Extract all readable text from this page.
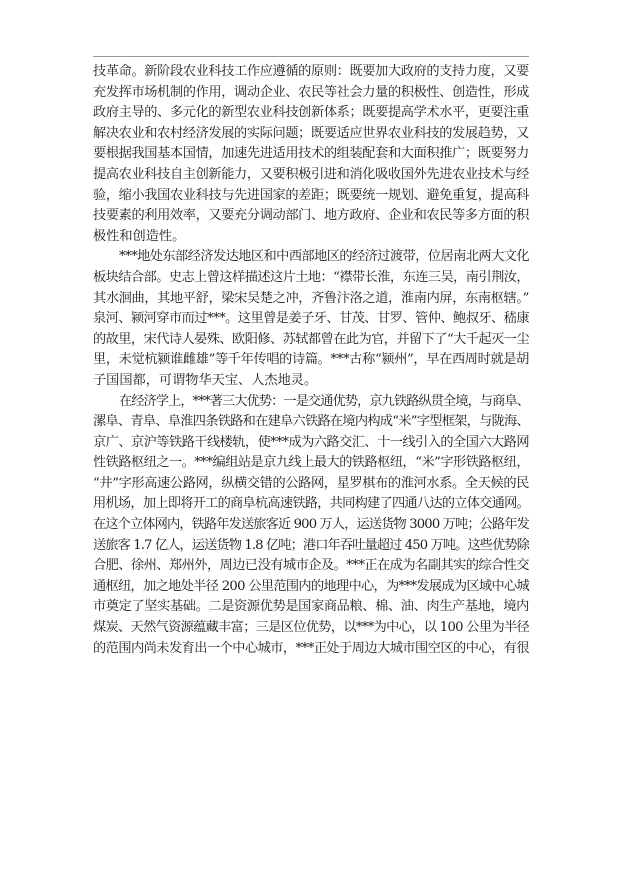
技革命。新阶段农业科技工作应遵循的原则：既要加大政府的支持力度，又要
充发挥市场机制的作用，调动企业、农民等社会力量的积极性、创造性，形成
政府主导的、多元化的新型农业科技创新体系；既要提高学术水平，更要注重
解决农业和农村经济发展的实际问题；既要适应世界农业科技的发展趋势，又
要根据我国基本国情，加速先进适用技术的组装配套和大面积推广；既要努力
提高农业科技自主创新能力，又要积极引进和消化吸收国外先进农业技术与经
验，缩小我国农业科技与先进国家的差距；既要统一规划、避免重复，提高科
技要素的利用效率，又要充分调动部门、地方政府、企业和农民等多方面的积
极性和创造性。
***地处东部经济发达地区和中西部地区的经济过渡带，位居南北两大文化
板块结合部。史志上曾这样描述这片土地：“襟带长淮，东连三吴，南引荆汝，
其水洄曲，其地平舒，梁宋吴楚之冲，齐鲁汴洛之道，淮南内屏，东南枢辖。”
泉河、颍河穿市而过***。这里曾是姜子牙、甘茂、甘罗、管仲、鲍叔牙、嵇康
的故里，宋代诗人晏殊、欧阳修、苏轼都曾在此为官，并留下了“大千起灭一尘
里，未觉杭颍谁雌雄”等千年传唱的诗篇。***古称“颍州”，早在西周时就是胡
子国国都，可谓物华天宝、人杰地灵。
在经济学上，***著三大优势：一是交通优势，京九铁路纵贯全境，与商阜、
漯阜、青阜、阜淮四条铁路和在建阜六铁路在境内构成“米”字型框架，与陇海、
京广、京沪等铁路干线楼轨，使***成为六路交汇、十一线引入的全国六大路网
性铁路枢纽之一。***编组站是京九线上最大的铁路枢纽，“米”字形铁路枢纽，
“井”字形高速公路网，纵横交错的公路网，星罗棋布的淮河水系。全天候的民
用机场，加上即将开工的商阜杭高速铁路，共同构建了四通八达的立体交通网。
在这个立体网内，铁路年发送旅客近 900 万人，运送货物 3000 万吨；公路年发
送旅客 1.7 亿人，运送货物 1.8 亿吨；港口年吞吐量超过 450 万吨。这些优势除
合肥、徐州、郑州外，周边已没有城市企及。***正在成为名副其实的综合性交
通枢纽，加之地处半径 200 公里范围内的地理中心，为***发展成为区域中心城
市奠定了坚实基础。二是资源优势是国家商品粮、棉、油、肉生产基地，境内
煤炭、天然气资源蕴藏丰富；三是区位优势，以***为中心，以 100 公里为半径
的范围内尚未发育出一个中心城市，***正处于周边大城市围空区的中心，有很
